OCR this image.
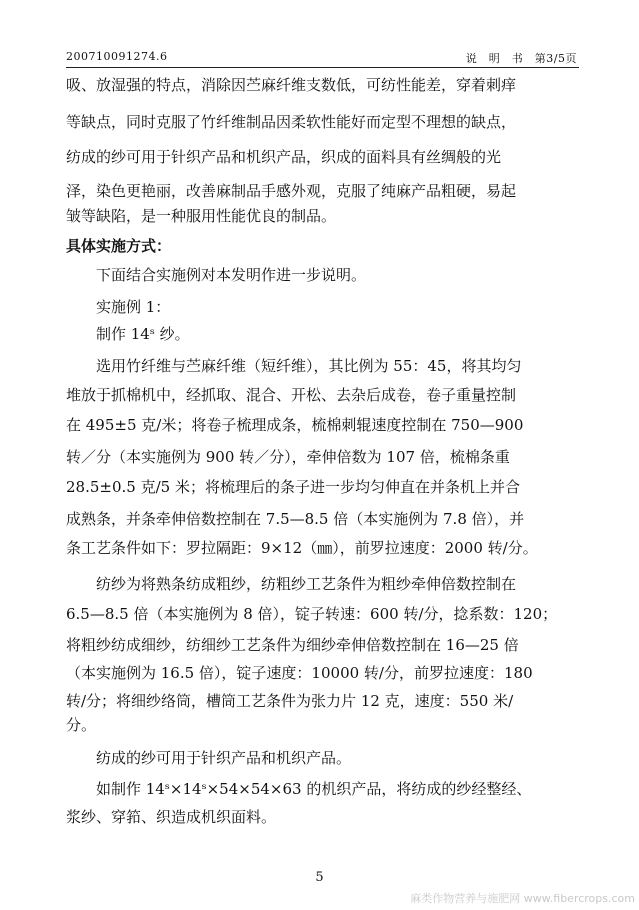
200710091274.6	说　明　书　第3/5页
吸、放湿强的特点，消除因苎麻纤维支数低，可纺性能差，穿着刺痒
等缺点，同时克服了竹纤维制品因柔软性能好而定型不理想的缺点，
纺成的纱可用于针织产品和机织产品，织成的面料具有丝绸般的光
泽，染色更艳丽，改善麻制品手感外观，克服了纯麻产品粗硬，易起
皱等缺陷，是一种服用性能优良的制品。
具体实施方式：
　　下面结合实施例对本发明作进一步说明。
　　实施例 1：
　　制作 14ˢ 纱。
　　选用竹纤维与苎麻纤维（短纤维），其比例为 55：45，将其均匀
堆放于抓棉机中，经抓取、混合、开松、去杂后成卷，卷子重量控制
在 495±5 克/米；将卷子梳理成条，梳棉刺辊速度控制在 750—900
转／分（本实施例为 900 转／分），牵伸倍数为 107 倍，梳棉条重
28.5±0.5 克/5 米；将梳理后的条子进一步均匀伸直在并条机上并合
成熟条，并条牵伸倍数控制在 7.5—8.5 倍（本实施例为 7.8 倍），并
条工艺条件如下：罗拉隔距：9×12（㎜），前罗拉速度：2000 转/分。
　　纺纱为将熟条纺成粗纱，纺粗纱工艺条件为粗纱牵伸倍数控制在
6.5—8.5 倍（本实施例为 8 倍），锭子转速：600 转/分，捻系数：120；
将粗纱纺成细纱，纺细纱工艺条件为细纱牵伸倍数控制在 16—25 倍
（本实施例为 16.5 倍），锭子速度：10000 转/分，前罗拉速度：180
转/分；将细纱络筒，槽筒工艺条件为张力片 12 克，速度：550 米/
分。
　　纺成的纱可用于针织产品和机织产品。
　　如制作 14ˢ×14ˢ×54×54×63 的机织产品，将纺成的纱经整经、
浆纱、穿筘、织造成机织面料。
5
麻类作物营养与施肥网 www.fibercrops.com
